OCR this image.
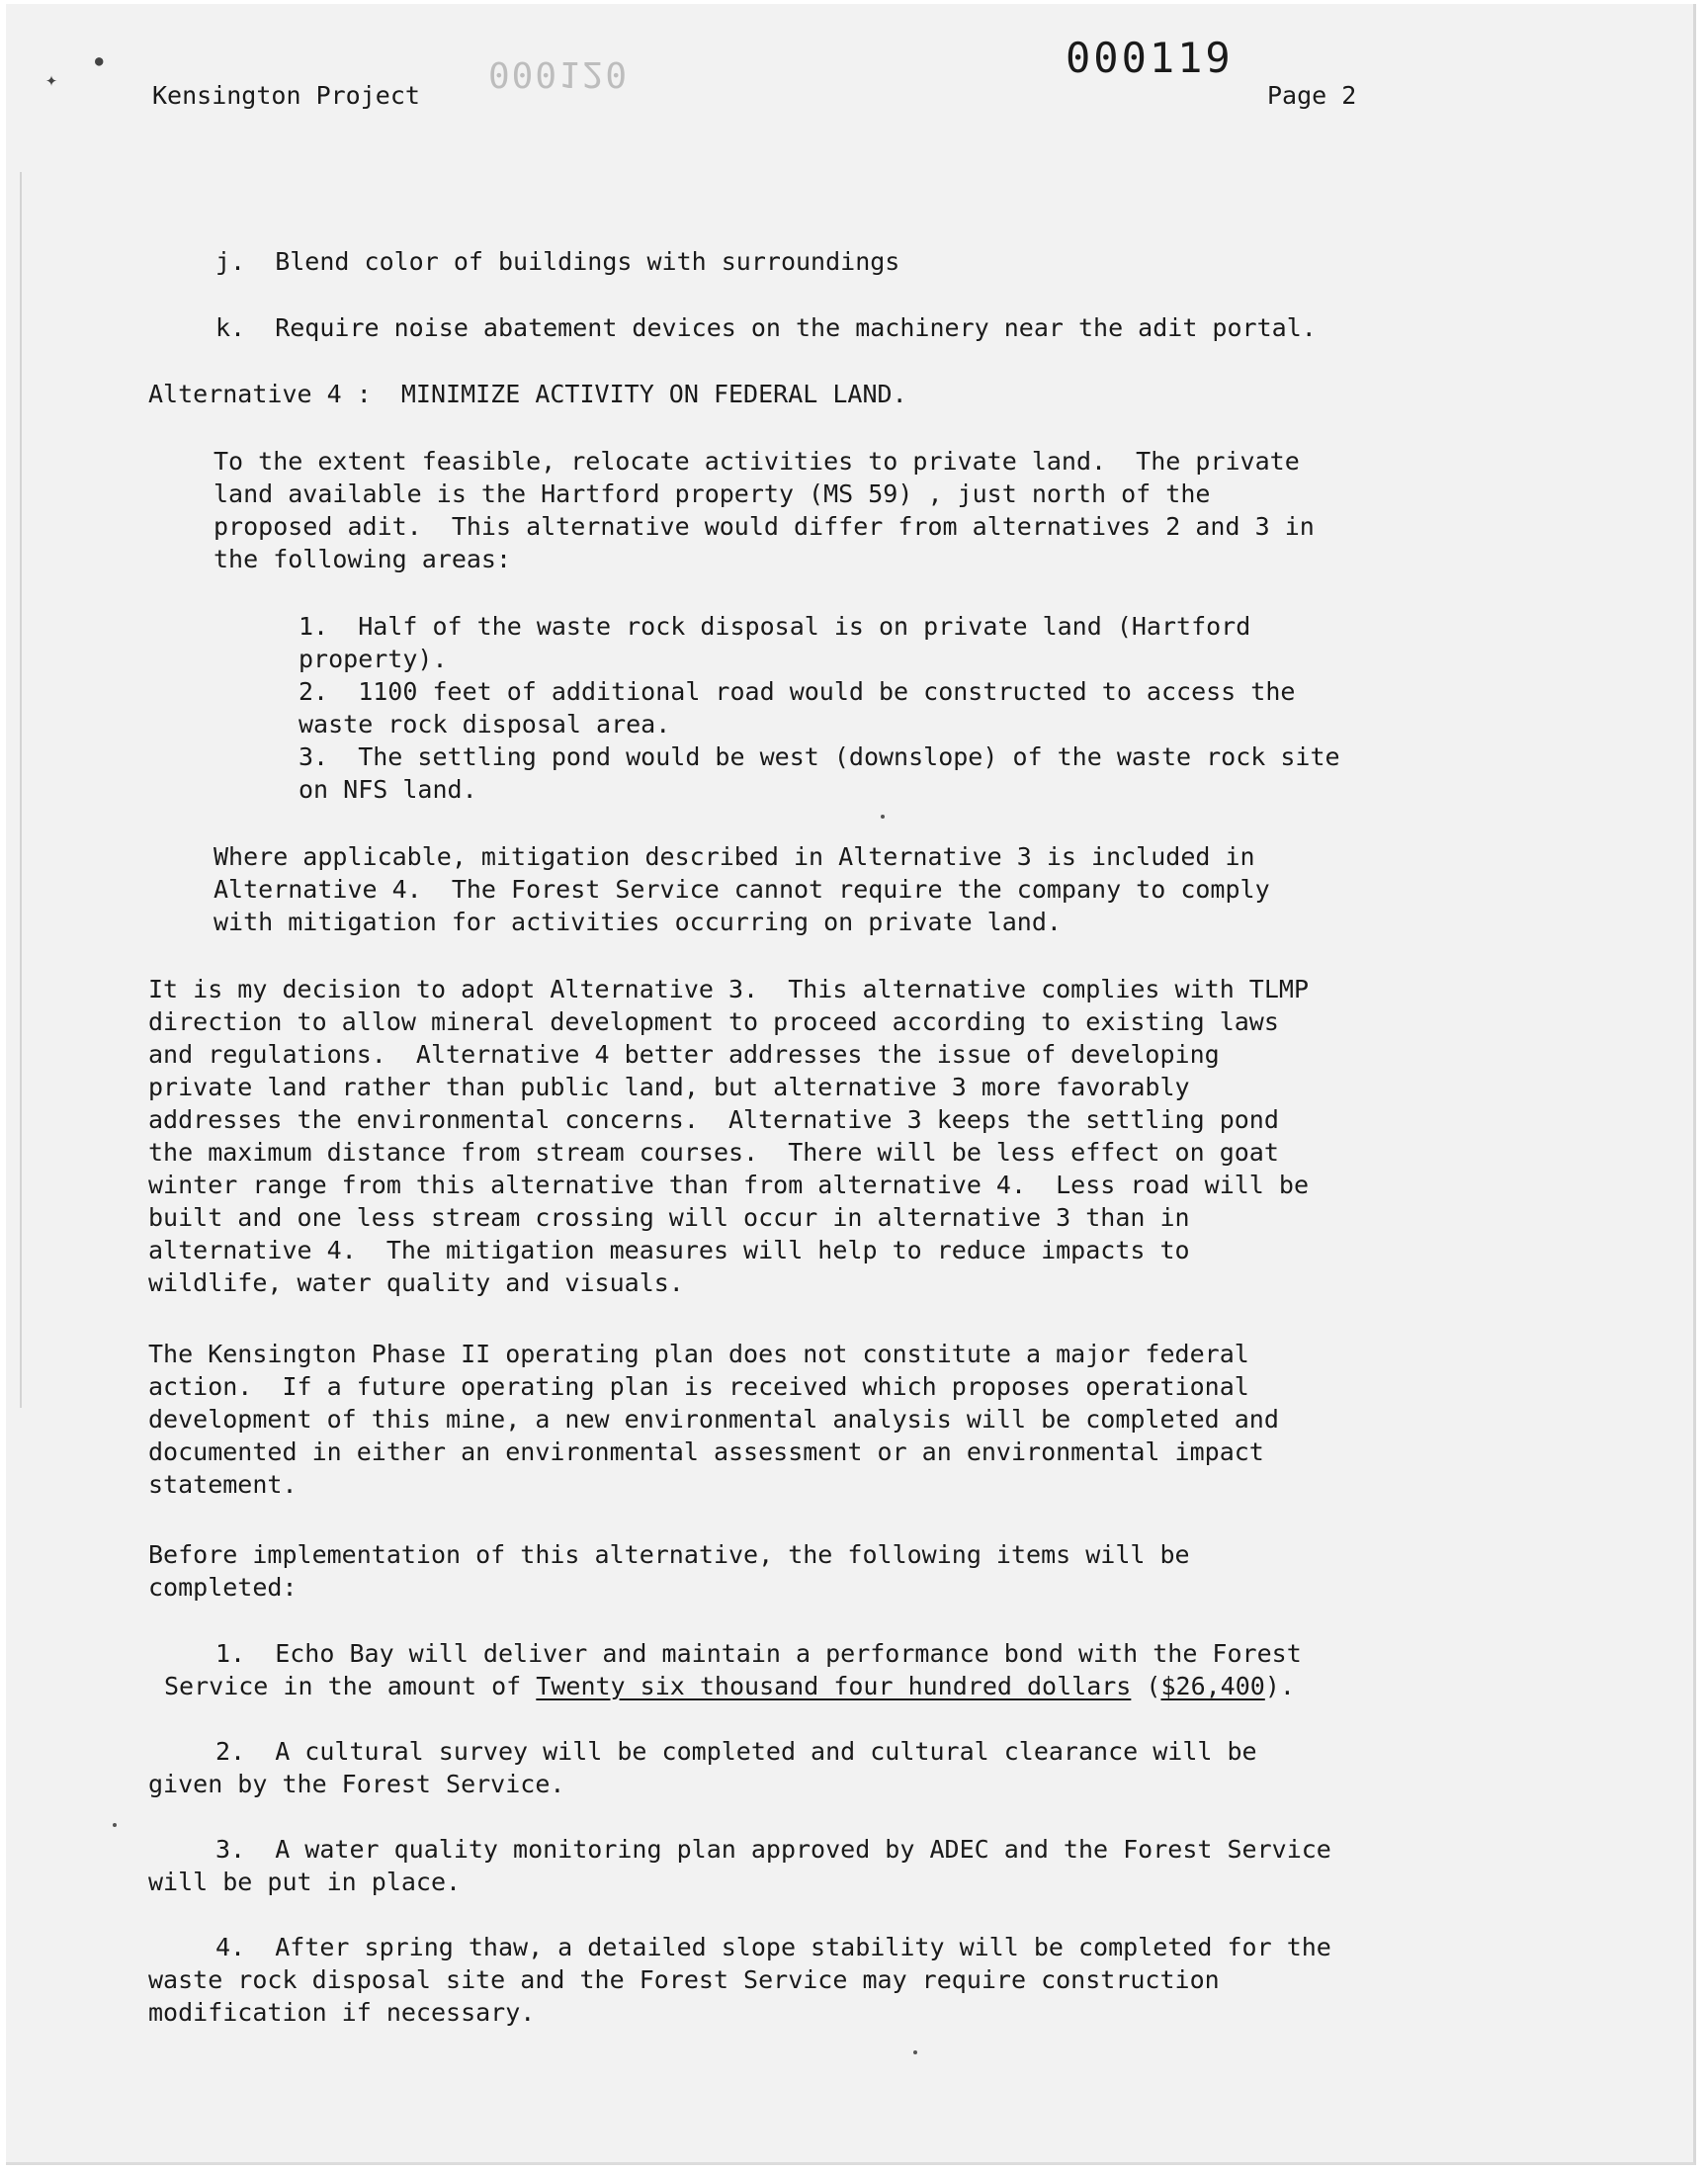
000120	000119
✦
●
Kensington Project	Page 2
j.  Blend color of buildings with surroundings
k.  Require noise abatement devices on the machinery near the adit portal.
Alternative 4 :  MINIMIZE ACTIVITY ON FEDERAL LAND.
To the extent feasible, relocate activities to private land.  The private
land available is the Hartford property (MS 59) , just north of the
proposed adit.  This alternative would differ from alternatives 2 and 3 in
the following areas:
1.  Half of the waste rock disposal is on private land (Hartford
property).
2.  1100 feet of additional road would be constructed to access the
waste rock disposal area.
3.  The settling pond would be west (downslope) of the waste rock site
on NFS land.
Where applicable, mitigation described in Alternative 3 is included in
Alternative 4.  The Forest Service cannot require the company to comply
with mitigation for activities occurring on private land.
It is my decision to adopt Alternative 3.  This alternative complies with TLMP
direction to allow mineral development to proceed according to existing laws
and regulations.  Alternative 4 better addresses the issue of developing
private land rather than public land, but alternative 3 more favorably
addresses the environmental concerns.  Alternative 3 keeps the settling pond
the maximum distance from stream courses.  There will be less effect on goat
winter range from this alternative than from alternative 4.  Less road will be
built and one less stream crossing will occur in alternative 3 than in
alternative 4.  The mitigation measures will help to reduce impacts to
wildlife, water quality and visuals.
The Kensington Phase II operating plan does not constitute a major federal
action.  If a future operating plan is received which proposes operational
development of this mine, a new environmental analysis will be completed and
documented in either an environmental assessment or an environmental impact
statement.
Before implementation of this alternative, the following items will be
completed:
1.  Echo Bay will deliver and maintain a performance bond with the Forest
Service in the amount of Twenty six thousand four hundred dollars ($26,400).
2.  A cultural survey will be completed and cultural clearance will be
given by the Forest Service.
3.  A water quality monitoring plan approved by ADEC and the Forest Service
will be put in place.
4.  After spring thaw, a detailed slope stability will be completed for the
waste rock disposal site and the Forest Service may require construction
modification if necessary.
